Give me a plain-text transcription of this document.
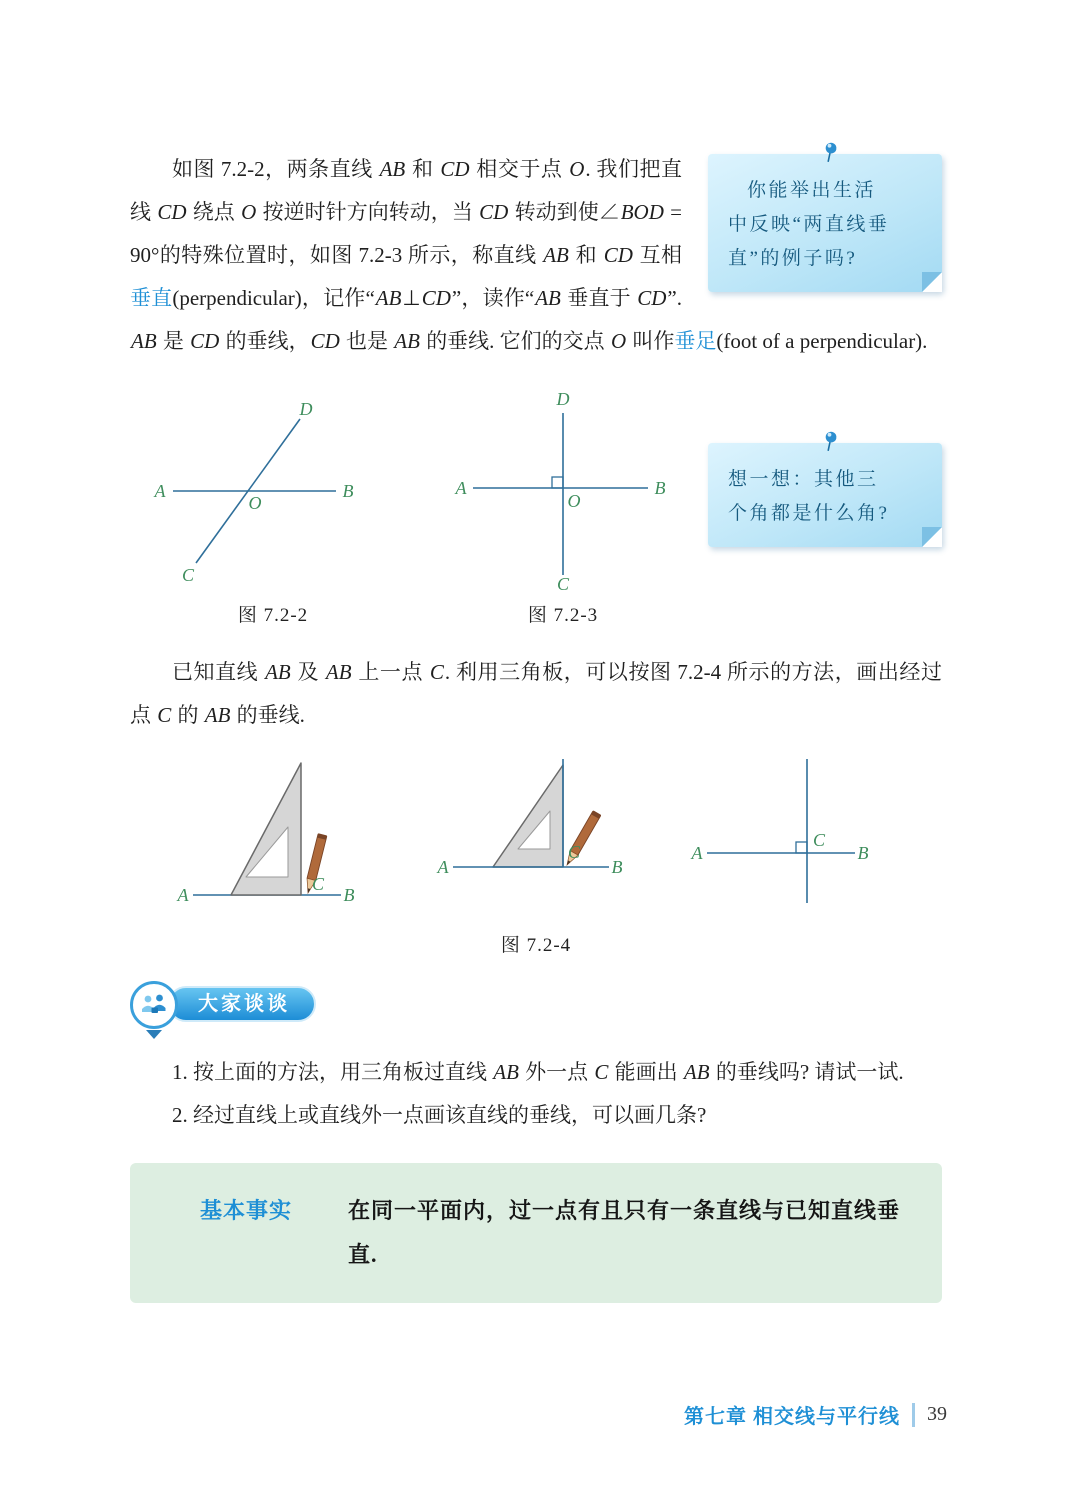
你能举出生活
中反映“两直线垂
直”的例子吗?
如图 7.2-2，两条直线 AB 和 CD 相交于点 O. 我们把直线 CD 绕点 O 按逆时针方向转动，当 CD 转动到使∠BOD = 90°的特殊位置时，如图 7.2-3 所示，称直线 AB 和 CD 互相垂直(perpendicular)，记作“AB⊥CD”，读作“AB 垂直于 CD”. AB 是 CD 的垂线，CD 也是 AB 的垂线. 它们的交点 O 叫作垂足(foot of a perpendicular).
A	B
D
C
O
图 7.2-2
D
A	B
O
C
图 7.2-3
想一想：其他三
个角都是什么角?
已知直线 AB 及 AB 上一点 C. 利用三角板，可以按图 7.2-4 所示的方法，画出经过点 C 的 AB 的垂线.
A
C
B
A
C
B
A
C
B
图 7.2-4
大家谈谈
1. 按上面的方法，用三角板过直线 AB 外一点 C 能画出 AB 的垂线吗? 请试一试.
2. 经过直线上或直线外一点画该直线的垂线，可以画几条?
基本事实	在同一平面内，过一点有且只有一条直线与已知直线垂直.
第七章 相交线与平行线 39
